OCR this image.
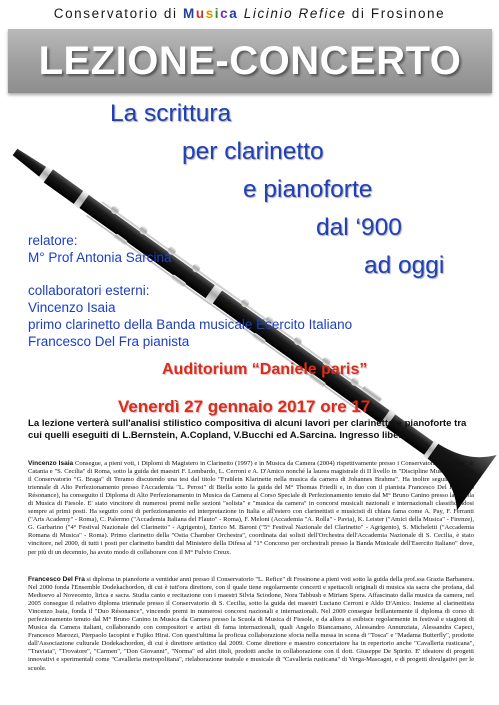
Conservatorio di Musica Licinio Refice di Frosinone
LEZIONE-CONCERTO
La scrittura
per clarinetto
e pianoforte
dal ‘900
ad oggi
relatore:
M° Prof Antonia Sarcina
collaboratori esterni:
Vincenzo Isaia
primo clarinetto della Banda musicale Esercito Italiano
Francesco Del Fra pianista
Auditorium “Daniele paris”
Venerdì 27 gennaio 2017 ore 17
La lezione verterà sull'analisi stilistico compositiva di alcuni lavori per clarinetto e pianoforte tra cui quelli eseguiti di L.Bernstein, A.Copland, V.Bucchi ed A.Sarcina. Ingresso libero
Vincenzo Isaia Consegue, a pieni voti, i Diplomi di Magistero in Clarinetto (1997) e in Musica da Camera (2004) rispettivamente presso i Conservatori "V. Bellini" di Catania e "S. Cecilia" di Roma, sotto la guida dei maestri F. Lombardo, L. Cerroni e A. D'Amico nonché la laurea magistrale di II livello in "Discipline Musicali" presso il Conservatorio "G. Braga" di Teramo discutendo una tesi dal titolo "Fraülein Klarinette nella musica da camera di Johannes Brahms". Ha inoltre seguito il corso triennale di Alto Perfezionamento presso l'Accademia "L. Perosi" di Biella sotto la guida del M° Thomas Friedli e, in duo con il pianista Francesco Del Fra (Duo Résonance), ha conseguito il Diploma di Alto Perfezionamento in Musica da Camera al Corso Speciale di Perfezionamento tenuto dal M° Bruno Canino presso la Scuola di Musica di Fiesole. E' stato vincitore di numerosi premi nelle sezioni "solista" e "musica da camera" in concorsi musicali nazionali e internazionali classificandosi sempre ai primi posti. Ha seguito corsi di perfezionamento ed interpretazione in Italia e all'estero con clarinettisti e musicisti di chiara fama come A. Pay, F. Ferranti ("Arts Academy" - Roma), C. Palermo ("Accademia Italiana del Flauto" - Roma), F. Meloni (Accademia "A. Rolla" - Pavia), K. Leister ("Amici della Musica" - Firenze), G. Garbarino ("4° Festival Nazionale del Clarinetto" - Agrigento), Enrico M. Baroni ("5° Festival Nazionale del Clarinetto" - Agrigento), S. Micheletti ("Accademia Romana di Musica" - Roma). Primo clarinetto della "Ostia Chamber Orchestra", coordinata dai solisti dell'Orchestra dell'Accademia Nazionale di S. Cecilia, è stato vincitore, nel 2000, di tutti i posti per clarinetto banditi dal Ministero della Difesa al "1° Concorso per orchestrali presso la Banda Musicale dell'Esercito Italiano" dove, per più di un decennio, ha avuto modo di collaborare con il M° Fulvio Creux.
Francesco Del Fra si diploma in pianoforte a ventidue anni presso il Conservatorio "L. Refice" di Frosinone a pieni voti sotto la guida della prof.ssa Grazia Barbanera. Nel 2000 fonda l'Ensemble Dodekachordon, di cui è tutt'ora direttore, con il quale tiene regolarmente concerti e spettacoli originali di musica sia sacra che profana, dal Medioevo al Novecento, lirica e sacra. Studia canto e recitazione con i maestri Silvia Sciodone, Nora Tabbush e Miriam Spera. Affascinato dalla musica da camera, nel 2005 consegue il relativo diploma triennale presso il Conservatorio di S. Cecilia, sotto la guida dei maestri Luciano Cerroni e Aldo D'Amico. Insieme al clarinettista Vincenzo Isaia, fonda il "Duo Résonance", vincendo premi in numerosi concorsi nazionali e internazionali. Nel 2009 consegue brillantemente il diploma di corso di perfezionamento tenuto dal M° Bruno Canino in Musica da Camera presso la Scuola di Musica di Fiesole, e da allora si esibisce regolarmente in festival e stagioni di Musica da Camera italiani, collaborando con compositori e artisti di fama internazionali, quali Angelo Biancamano, Alessandro Annunziata, Alessandra Capeci, Francesco Marozzi, Pierpaolo Iacopini e Fujiko Hirai. Con quest'ultima la proficua collaborazione sfocia nella messa in scena di "Tosca" e "Madama Butterfly", prodotte dall'Associazione culturale Dodekachordon, di cui è direttore artistico dal 2009. Come direttore e maestro concertatore ha in repertorio anche "Cavalleria rusticana", "Traviata", "Trovatore", "Carmen", "Don Giovanni", "Norma" ed altri titoli, prodotti anche in collaborazione con il dott. Giuseppe De Spirito. E' ideatore di progetti innovativi e sperimentali come "Cavalleria metropolitana", rielaborazione teatrale e musicale di "Cavalleria rusticana" di Verga-Mascagni, e di progetti divulgativi per le scuole.
